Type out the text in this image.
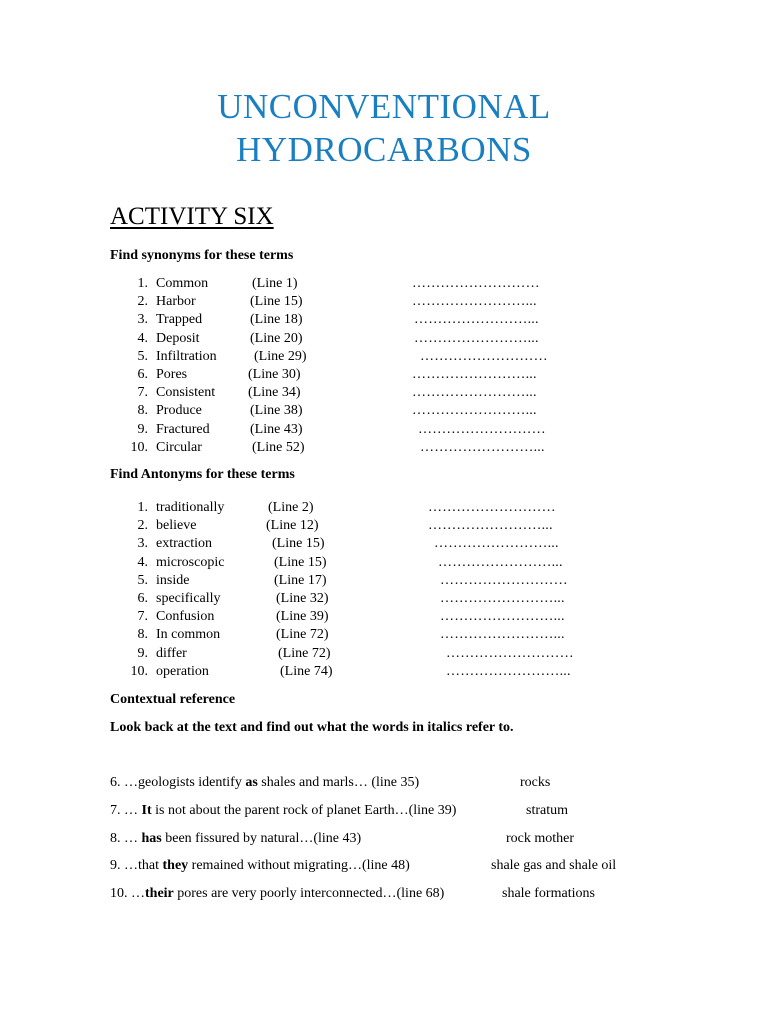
UNCONVENTIONAL
HYDROCARBONS
ACTIVITY SIX
Find synonyms for these terms
1. Common	(Line 1)	………………………
2. Harbor	(Line 15)	……………………...
3. Trapped	(Line 18)	……………………...
4. Deposit	(Line 20)	……………………...
5. Infiltration	(Line 29)	………………………
6. Pores	(Line 30)	……………………...
7. Consistent (Line 34)	……………………...
8. Produce	(Line 38)	……………………...
9. Fractured	(Line 43)	………………………
10. Circular	(Line 52)	……………………...
Find Antonyms for these terms
1. traditionally	(Line 2)	………………………
2. believe	(Line 12)	……………………...
3. extraction	(Line 15)	……………………...
4. microscopic	(Line 15)	……………………...
5. inside	(Line 17)	………………………
6. specifically	(Line 32)	……………………...
7. Confusion	(Line 39)	……………………...
8. In common	(Line 72)	……………………...
9. differ	(Line 72)	………………………
10. operation	(Line 74)	……………………...
Contextual reference
Look back at the text and find out what the words in italics refer to.
6. …geologists identify as shales and marls… (line 35)	rocks
7. … It is not about the parent rock of planet Earth…(line 39)	stratum
8. … has been fissured by natural…(line 43)	rock mother
9. …that they remained without migrating…(line 48)	shale gas and shale oil
10. …their pores are very poorly interconnected…(line 68)	shale formations
